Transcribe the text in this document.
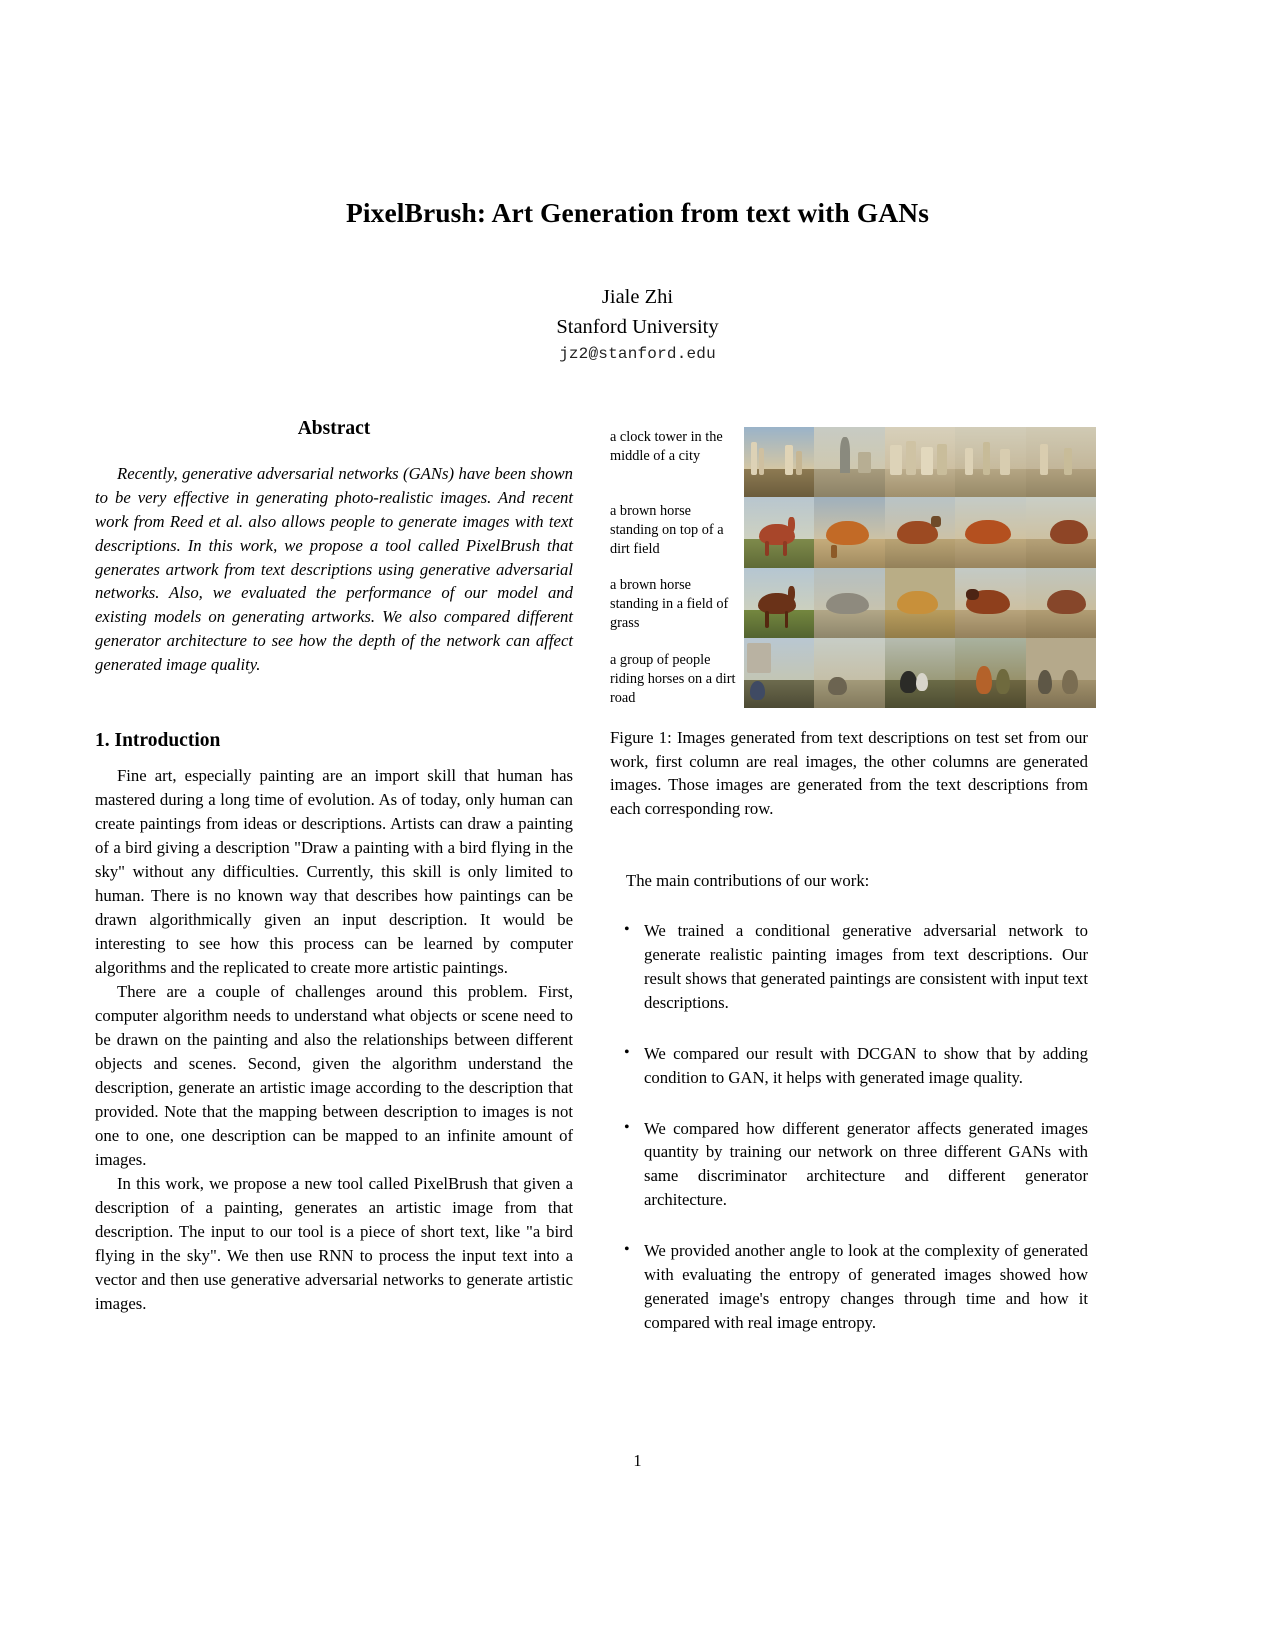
PixelBrush: Art Generation from text with GANs
Jiale Zhi
Stanford University
jz2@stanford.edu
Abstract

Recently, generative adversarial networks (GANs) have been shown to be very effective in generating photo-realistic images. And recent work from Reed et al. also allows people to generate images with text descriptions. In this work, we propose a tool called PixelBrush that generates artwork from text descriptions using generative adversarial networks. Also, we evaluated the performance of our model and existing models on generating artworks. We also compared different generator architecture to see how the depth of the network can affect generated image quality.

1. Introduction

Fine art, especially painting are an import skill that human has mastered during a long time of evolution. As of today, only human can create paintings from ideas or descriptions. Artists can draw a painting of a bird giving a description "Draw a painting with a bird flying in the sky" without any difficulties. Currently, this skill is only limited to human. There is no known way that describes how paintings can be drawn algorithmically given an input description. It would be interesting to see how this process can be learned by computer algorithms and the replicated to create more artistic paintings.

There are a couple of challenges around this problem. First, computer algorithm needs to understand what objects or scene need to be drawn on the painting and also the relationships between different objects and scenes. Second, given the algorithm understand the description, generate an artistic image according to the description that provided. Note that the mapping between description to images is not one to one, one description can be mapped to an infinite amount of images.

In this work, we propose a new tool called PixelBrush that given a description of a painting, generates an artistic image from that description. The input to our tool is a piece of short text, like "a bird flying in the sky". We then use RNN to process the input text into a vector and then use generative adversarial networks to generate artistic images.

a clock tower in the middle of a city
a brown horse standing on top of a dirt field
a brown horse standing in a field of grass
a group of people riding horses on a dirt road
Figure 1: Images generated from text descriptions on test set from our work, first column are real images, the other columns are generated images. Those images are generated from the text descriptions from each corresponding row.
The main contributions of our work:
• We trained a conditional generative adversarial network to generate realistic painting images from text descriptions. Our result shows that generated paintings are consistent with input text descriptions.
• We compared our result with DCGAN to show that by adding condition to GAN, it helps with generated image quality.
• We compared how different generator affects generated images quantity by training our network on three different GANs with same discriminator architecture and different generator architecture.
• We provided another angle to look at the complexity of generated with evaluating the entropy of generated images showed how generated image's entropy changes through time and how it compared with real image entropy.
1
